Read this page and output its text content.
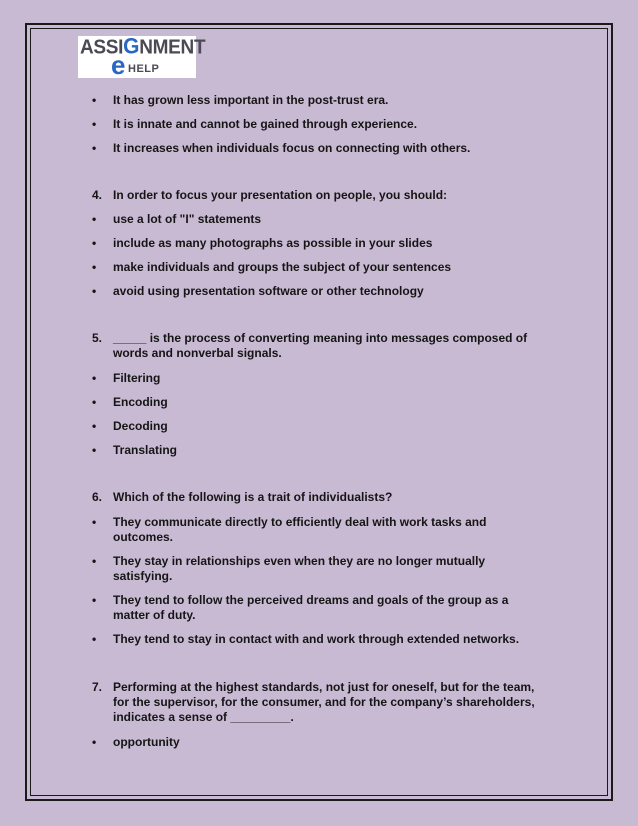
ASSIGNMENT
e HELP
• It has grown less important in the post-trust era.
• It is innate and cannot be gained through experience.
• It increases when individuals focus on connecting with others.
4. In order to focus your presentation on people, you should:
• use a lot of "I" statements
• include as many photographs as possible in your slides
• make individuals and groups the subject of your sentences
• avoid using presentation software or other technology
5. _____ is the process of converting meaning into messages composed of
words and nonverbal signals.
• Filtering
• Encoding
• Decoding
• Translating
6. Which of the following is a trait of individualists?
• They communicate directly to efficiently deal with work tasks and
outcomes.
• They stay in relationships even when they are no longer mutually
satisfying.
• They tend to follow the perceived dreams and goals of the group as a
matter of duty.
• They tend to stay in contact with and work through extended networks.
7. Performing at the highest standards, not just for oneself, but for the team,
for the supervisor, for the consumer, and for the company’s shareholders,
indicates a sense of _________.
• opportunity
